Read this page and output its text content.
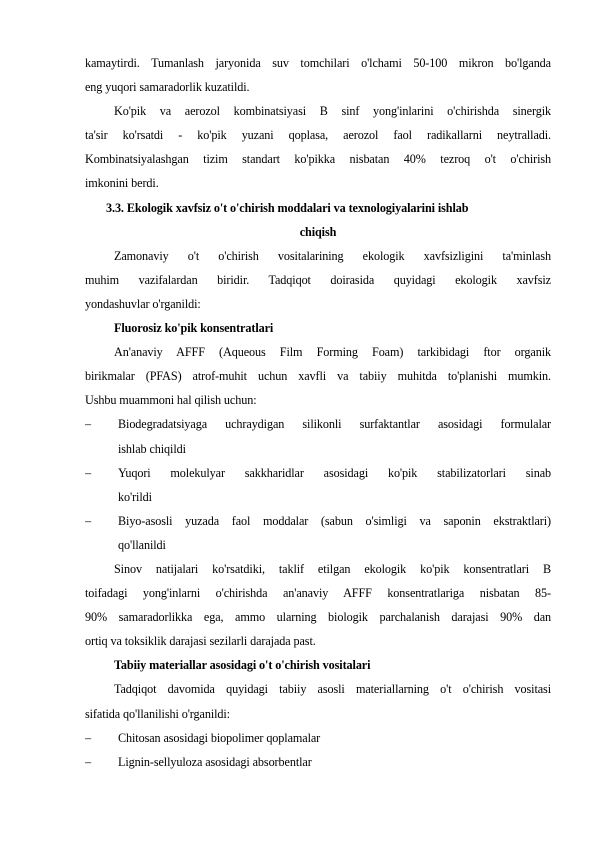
kamaytirdi. Tumanlash jaryonida suv tomchilari o'lchami 50-100 mikron bo'lganda
eng yuqori samaradorlik kuzatildi.
Ko'pik va aerozol kombinatsiyasi B sinf yong'inlarini o'chirishda sinergik
ta'sir ko'rsatdi - ko'pik yuzani qoplasa, aerozol faol radikallarni neytralladi.
Kombinatsiyalashgan tizim standart ko'pikka nisbatan 40% tezroq o't o'chirish
imkonini berdi.
3.3. Ekologik xavfsiz o't o'chirish moddalari va texnologiyalarini ishlab
chiqish
Zamonaviy o't o'chirish vositalarining ekologik xavfsizligini ta'minlash
muhim vazifalardan biridir. Tadqiqot doirasida quyidagi ekologik xavfsiz
yondashuvlar o'rganildi:
Fluorosiz ko'pik konsentratlari
An'anaviy AFFF (Aqueous Film Forming Foam) tarkibidagi ftor organik
birikmalar (PFAS) atrof-muhit uchun xavfli va tabiiy muhitda to'planishi mumkin.
Ushbu muammoni hal qilish uchun:
– Biodegradatsiyaga uchraydigan silikonli surfaktantlar asosidagi formulalar
ishlab chiqildi
– Yuqori molekulyar sakkharidlar asosidagi ko'pik stabilizatorlari sinab
ko'rildi
– Biyo-asosli yuzada faol moddalar (sabun o'simligi va saponin ekstraktlari)
qo'llanildi
Sinov natijalari ko'rsatdiki, taklif etilgan ekologik ko'pik konsentratlari B
toifadagi yong'inlarni o'chirishda an'anaviy AFFF konsentratlariga nisbatan 85-
90% samaradorlikka ega, ammo ularning biologik parchalanish darajasi 90% dan
ortiq va toksiklik darajasi sezilarli darajada past.
Tabiiy materiallar asosidagi o't o'chirish vositalari
Tadqiqot davomida quyidagi tabiiy asosli materiallarning o't o'chirish vositasi
sifatida qo'llanilishi o'rganildi:
– Chitosan asosidagi biopolimer qoplamalar
– Lignin-sellyuloza asosidagi absorbentlar
